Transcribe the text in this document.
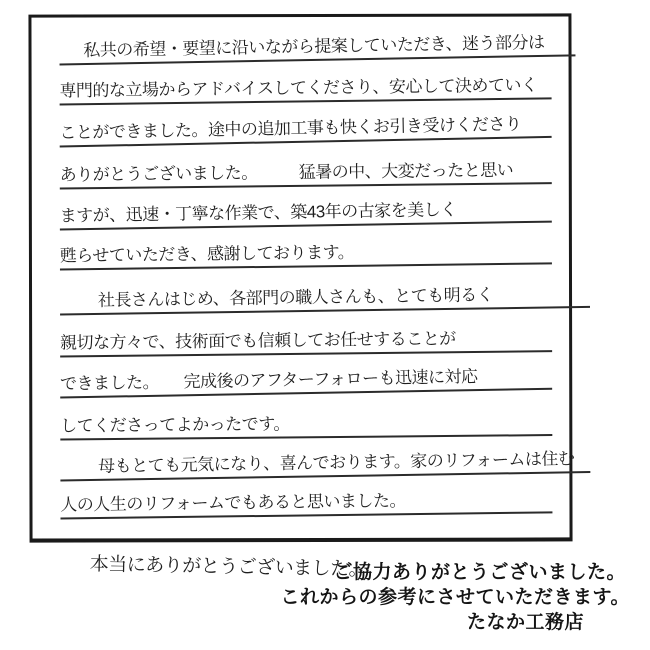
私共の希望・要望に沿いながら提案していただき、迷う部分は
専門的な立場からアドバイスしてくださり、安心して決めていく
ことができました。途中の追加工事も快くお引き受けくださり
ありがとうございました。　　　猛暑の中、大変だったと思い
ますが、迅速・丁寧な作業で、築43年の古家を美しく
甦らせていただき、感謝しております。
社長さんはじめ、各部門の職人さんも、とても明るく
親切な方々で、技術面でも信頼してお任せすることが
できました。　　完成後のアフターフォローも迅速に対応
してくださってよかったです。
母もとても元気になり、喜んでおります。家のリフォームは住む
人の人生のリフォームでもあると思いました。
本当にありがとうございました。
ご協力ありがとうございました。
これからの参考にさせていただきます。
たなか工務店
